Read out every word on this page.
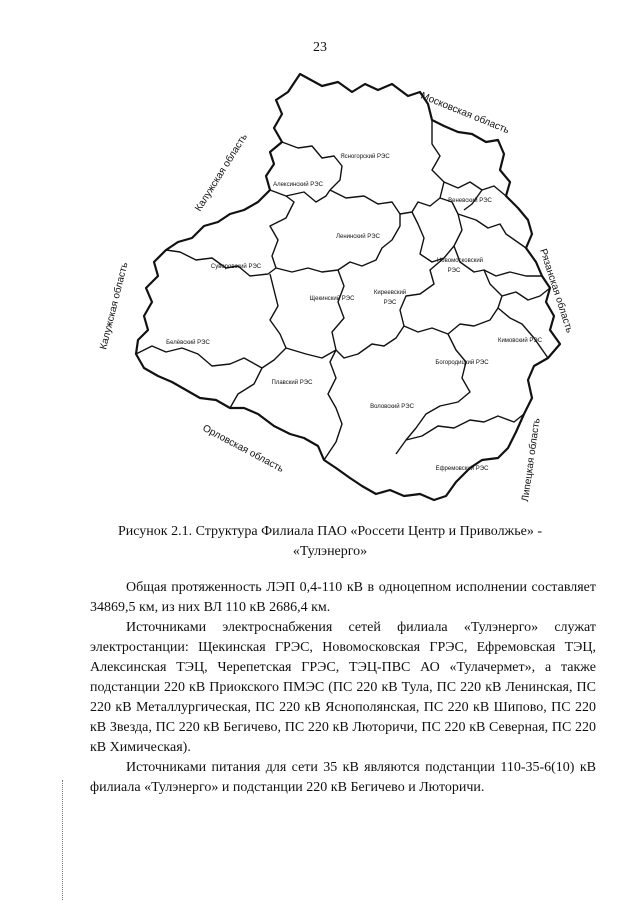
23
Ясногорский РЭС
Алексинский РЭС
Веневский РЭС
Ленинский РЭС
Суворовский РЭС
Новомосковский
РЭС
Щекинский РЭС
Киреевский
РЭС
Белёвский РЭС	Кимовский РЭС
Богородицкий РЭС
Плавский РЭС
Воловский РЭС
Ефремовский РЭС
Московская область
Калужская область
Калужская область	Рязанская область
Орловская область	Липецкая область
Рисунок 2.1. Структура Филиала ПАО «Россети Центр и Приволжье» -
«Тулэнерго»

Общая протяженность ЛЭП 0,4-110 кВ в одноцепном исполнении составляет 34869,5 км, из них ВЛ 110 кВ 2686,4 км.

Источниками электроснабжения сетей филиала «Тулэнерго» служат электростанции: Щекинская ГРЭС, Новомосковская ГРЭС, Ефремовская ТЭЦ, Алексинская ТЭЦ, Черепетская ГРЭС, ТЭЦ-ПВС АО «Тулачермет», а также подстанции 220 кВ Приокского ПМЭС (ПС 220 кВ Тула, ПС 220 кВ Ленинская, ПС 220 кВ Металлургическая, ПС 220 кВ Яснополянская, ПС 220 кВ Шипово, ПС 220 кВ Звезда, ПС 220 кВ Бегичево, ПС 220 кВ Люторичи, ПС 220 кВ Северная, ПС 220 кВ Химическая).

Источниками питания для сети 35 кВ являются подстанции 110-35-6(10) кВ филиала «Тулэнерго» и подстанции 220 кВ Бегичево и Люторичи.
